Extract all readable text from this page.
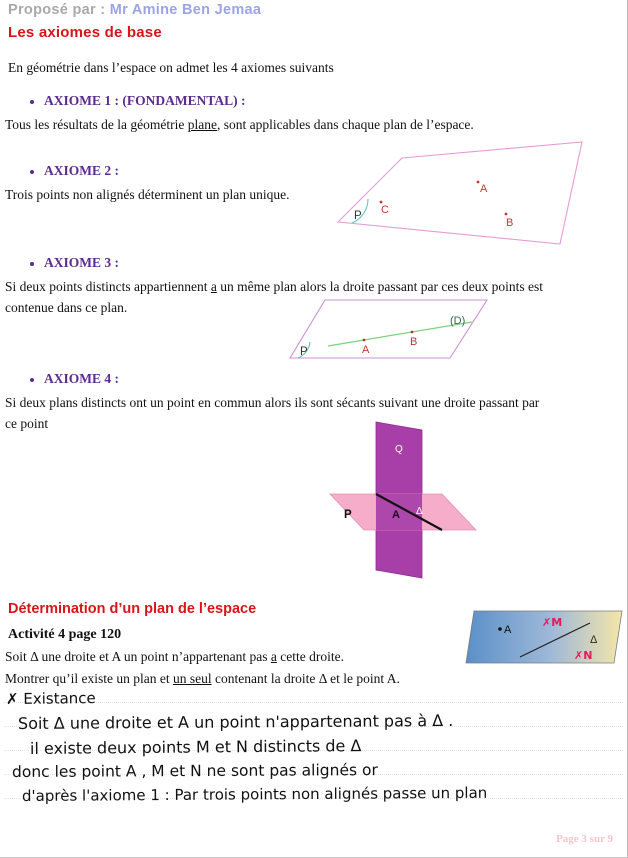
Proposé par : Mr Amine Ben Jemaa
Les axiomes de base
En géométrie dans l’espace on admet les 4 axiomes suivants
AXIOME 1 : (FONDAMENTAL) :
Tous les résultats de la géométrie plane, sont applicables dans chaque plan de l’espace.
AXIOME 2 :
Trois points non alignés déterminent un plan unique.	A
B
C
P
AXIOME 3 :
Si deux points distincts appartiennent a un même plan alors la droite passant par ces deux points est
contenue dans ce plan.
A
B
(D)
P
AXIOME 4 :
Si deux plans distincts ont un point en commun alors ils sont sécants suivant une droite passant par
ce point
A Δ
P
Q
Détermination d’un plan de l’espace
Activité 4 page 120
Soit Δ une droite et A un point n’appartenant pas a cette droite.
Montrer qu’il existe un plan et un seul contenant la droite Δ et le point A.
A
Δ
✗M
✗N
✗ Existance
Soit Δ une droite et A un point n'appartenant pas à Δ .
il existe deux points M et N distincts de Δ
donc les point A , M et N ne sont pas alignés or
d'après l'axiome 1 : Par trois points non alignés passe un plan
Page 3 sur 9
